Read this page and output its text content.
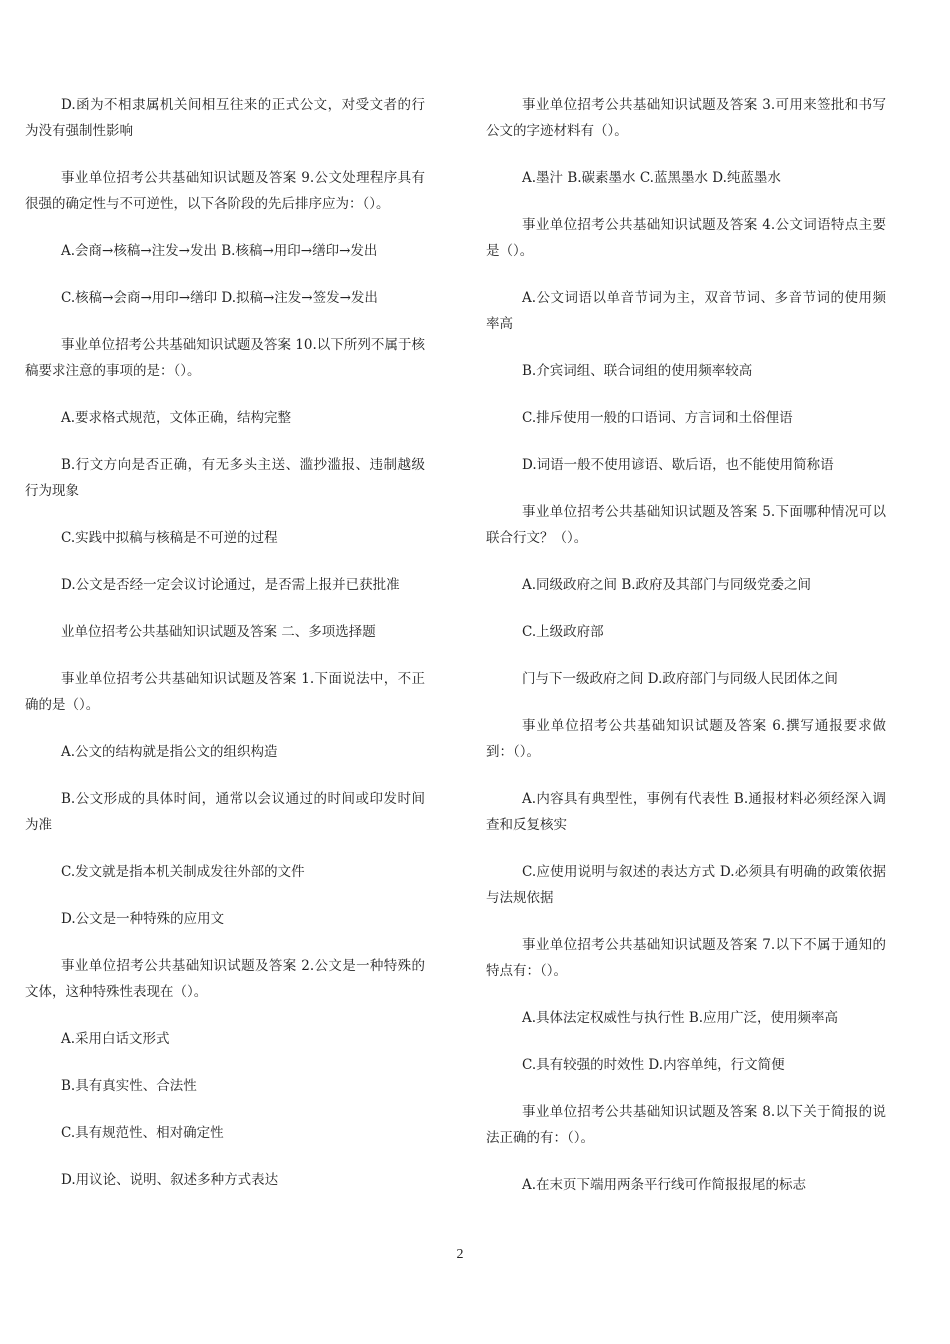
D.函为不相隶属机关间相互往来的正式公文，对受文者的行为没有强制性影响

事业单位招考公共基础知识试题及答案 9.公文处理程序具有很强的确定性与不可逆性，以下各阶段的先后排序应为：（）。

A.会商→核稿→注发→发出 B.核稿→用印→缮印→发出

C.核稿→会商→用印→缮印 D.拟稿→注发→签发→发出

事业单位招考公共基础知识试题及答案 10.以下所列不属于核稿要求注意的事项的是：（）。

A.要求格式规范，文体正确，结构完整

B.行文方向是否正确，有无多头主送、滥抄滥报、违制越级行为现象

C.实践中拟稿与核稿是不可逆的过程

D.公文是否经一定会议讨论通过，是否需上报并已获批准

业单位招考公共基础知识试题及答案 二、多项选择题

事业单位招考公共基础知识试题及答案 1.下面说法中，不正确的是（）。

A.公文的结构就是指公文的组织构造

B.公文形成的具体时间，通常以会议通过的时间或印发时间为准

C.发文就是指本机关制成发往外部的文件

D.公文是一种特殊的应用文

事业单位招考公共基础知识试题及答案 2.公文是一种特殊的文体，这种特殊性表现在（）。

A.采用白话文形式

B.具有真实性、合法性

C.具有规范性、相对确定性

D.用议论、说明、叙述多种方式表达

事业单位招考公共基础知识试题及答案 3.可用来签批和书写公文的字迹材料有（）。

A.墨汁 B.碳素墨水 C.蓝黑墨水 D.纯蓝墨水

事业单位招考公共基础知识试题及答案 4.公文词语特点主要是（）。

A.公文词语以单音节词为主，双音节词、多音节词的使用频率高

B.介宾词组、联合词组的使用频率较高

C.排斥使用一般的口语词、方言词和土俗俚语

D.词语一般不使用谚语、歇后语，也不能使用简称语

事业单位招考公共基础知识试题及答案 5.下面哪种情况可以联合行文？（）。

A.同级政府之间 B.政府及其部门与同级党委之间

C.上级政府部

门与下一级政府之间 D.政府部门与同级人民团体之间

事业单位招考公共基础知识试题及答案 6.撰写通报要求做到：（）。

A.内容具有典型性，事例有代表性 B.通报材料必须经深入调查和反复核实

C.应使用说明与叙述的表达方式 D.必须具有明确的政策依据与法规依据

事业单位招考公共基础知识试题及答案 7.以下不属于通知的特点有：（）。

A.具体法定权威性与执行性 B.应用广泛，使用频率高

C.具有较强的时效性 D.内容单纯，行文简便

事业单位招考公共基础知识试题及答案 8.以下关于简报的说法正确的有：（）。

A.在末页下端用两条平行线可作简报报尾的标志

2
